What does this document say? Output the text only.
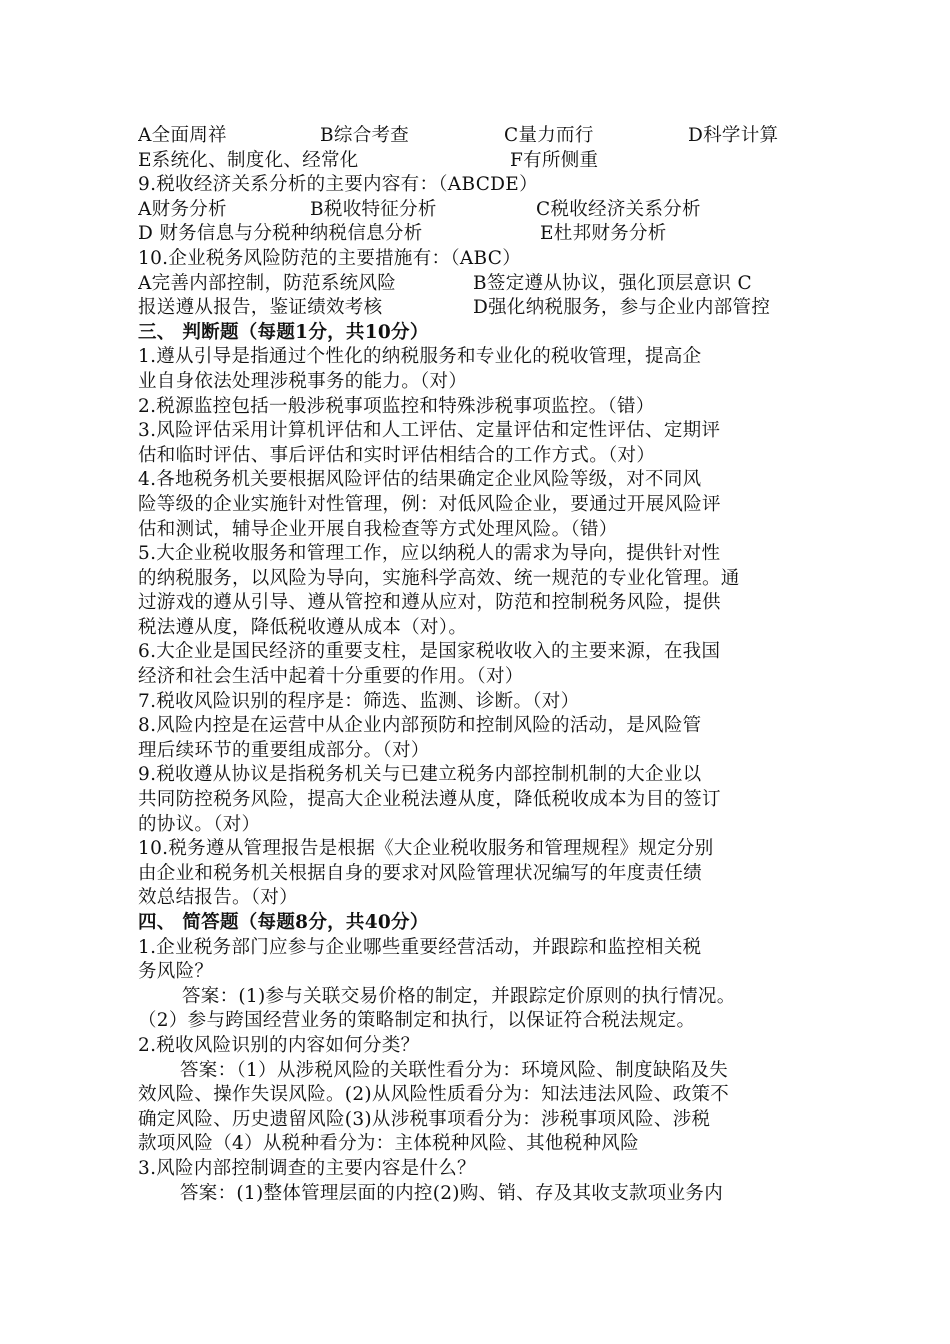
A全面周祥	B综合考查	C量力而行	D科学计算
E系统化、制度化、经常化	F有所侧重
9.税收经济关系分析的主要内容有：（ABCDE）
A财务分析	B税收特征分析	C税收经济关系分析
D 财务信息与分税种纳税信息分析	E杜邦财务分析
10.企业税务风险防范的主要措施有：（ABC）
A完善内部控制，防范系统风险	B签定遵从协议，强化顶层意识 C
报送遵从报告，鉴证绩效考核	D强化纳税服务，参与企业内部管控
三、 判断题（每题1分，共10分）
1.遵从引导是指通过个性化的纳税服务和专业化的税收管理，提高企
业自身依法处理涉税事务的能力。（对）
2.税源监控包括一般涉税事项监控和特殊涉税事项监控。（错）
3.风险评估采用计算机评估和人工评估、定量评估和定性评估、定期评
估和临时评估、事后评估和实时评估相结合的工作方式。（对）
4.各地税务机关要根据风险评估的结果确定企业风险等级，对不同风
险等级的企业实施针对性管理，例：对低风险企业，要通过开展风险评
估和测试，辅导企业开展自我检查等方式处理风险。（错）
5.大企业税收服务和管理工作，应以纳税人的需求为导向，提供针对性
的纳税服务，以风险为导向，实施科学高效、统一规范的专业化管理。通
过游戏的遵从引导、遵从管控和遵从应对，防范和控制税务风险，提供
税法遵从度，降低税收遵从成本（对）。
6.大企业是国民经济的重要支柱，是国家税收收入的主要来源，在我国
经济和社会生活中起着十分重要的作用。（对）
7.税收风险识别的程序是：筛选、监测、诊断。（对）
8.风险内控是在运营中从企业内部预防和控制风险的活动，是风险管
理后续环节的重要组成部分。（对）
9.税收遵从协议是指税务机关与已建立税务内部控制机制的大企业以
共同防控税务风险，提高大企业税法遵从度，降低税收成本为目的签订
的协议。（对）
10.税务遵从管理报告是根据《大企业税收服务和管理规程》规定分别
由企业和税务机关根据自身的要求对风险管理状况编写的年度责任绩
效总结报告。（对）
四、 简答题（每题8分，共40分）
1.企业税务部门应参与企业哪些重要经营活动，并跟踪和监控相关税
务风险？
答案：(1)参与关联交易价格的制定，并跟踪定价原则的执行情况。
（2）参与跨国经营业务的策略制定和执行，以保证符合税法规定。
2.税收风险识别的内容如何分类？
答案：（1）从涉税风险的关联性看分为：环境风险、制度缺陷及失
效风险、操作失误风险。(2)从风险性质看分为：知法违法风险、政策不
确定风险、历史遗留风险(3)从涉税事项看分为：涉税事项风险、涉税
款项风险（4）从税种看分为：主体税种风险、其他税种风险
3.风险内部控制调查的主要内容是什么？
答案：(1)整体管理层面的内控(2)购、销、存及其收支款项业务内
